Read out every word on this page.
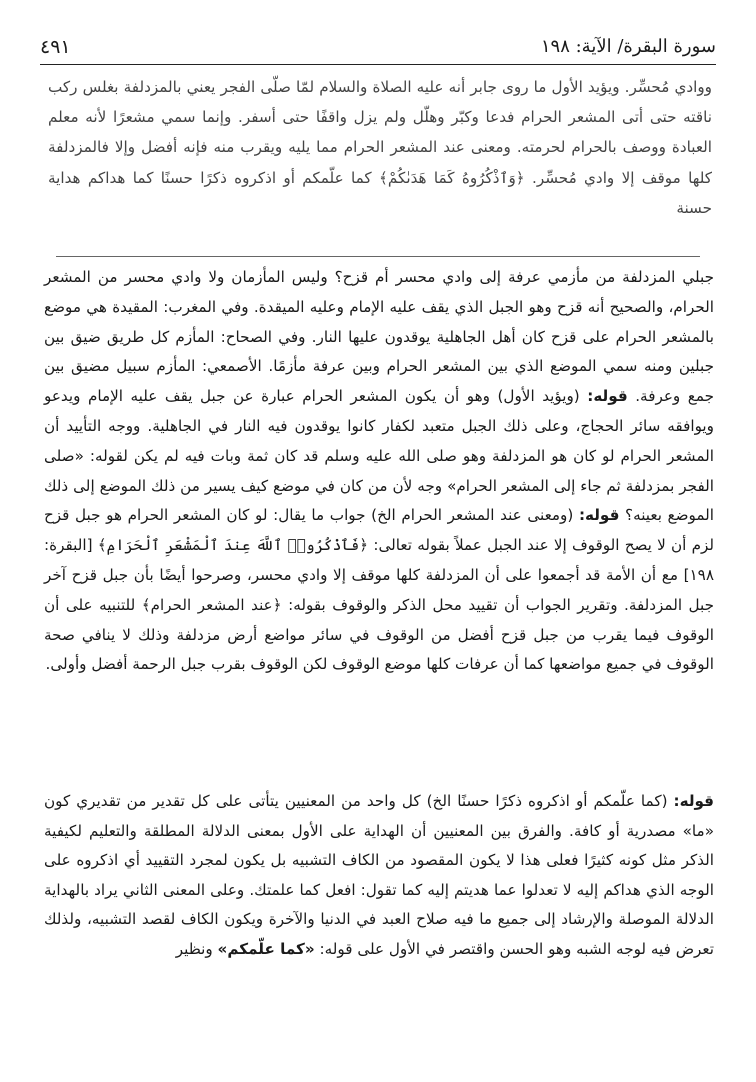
سورة البقرة/ الآية: ١٩٨
٤٩١

ووادي مُحسِّر. ويؤيد الأول ما روى جابر أنه عليه الصلاة والسلام لمّا صلّى الفجر يعني بالمزدلفة بغلس ركب ناقته حتى أتى المشعر الحرام فدعا وكبّر وهلّل ولم يزل واقفًا حتى أسفر. وإنما سمي مشعرًا لأنه معلم العبادة ووصف بالحرام لحرمته. ومعنى عند المشعر الحرام مما يليه ويقرب منه فإنه أفضل وإلا فالمزدلفة كلها موقف إلا وادي مُحسِّر. ﴿وَٱذْكُرُوهُ كَمَا هَدَىٰكُمْ﴾ كما علّمكم أو اذكروه ذكرًا حسنًا كما هداكم هداية حسنة

جبلي المزدلفة من مأزمي عرفة إلى وادي محسر أم قزح؟ وليس المأزمان ولا وادي محسر من المشعر الحرام، والصحيح أنه قزح وهو الجبل الذي يقف عليه الإمام وعليه الميقدة. وفي المغرب: المقيدة هي موضع بالمشعر الحرام على قزح كان أهل الجاهلية يوقدون عليها النار. وفي الصحاح: المأزم كل طريق ضيق بين جبلين ومنه سمي الموضع الذي بين المشعر الحرام وبين عرفة مأزمًا. الأصمعي: المأزم سبيل مضيق بين جمع وعرفة. قوله: (ويؤيد الأول) وهو أن يكون المشعر الحرام عبارة عن جبل يقف عليه الإمام ويدعو ويوافقه سائر الحجاج، وعلى ذلك الجبل متعبد لكفار كانوا يوقدون فيه النار في الجاهلية. ووجه التأييد أن المشعر الحرام لو كان هو المزدلفة وهو صلى الله عليه وسلم قد كان ثمة وبات فيه لم يكن لقوله: «صلى الفجر بمزدلفة ثم جاء إلى المشعر الحرام» وجه لأن من كان في موضع كيف يسير من ذلك الموضع إلى ذلك الموضع بعينه؟ قوله: (ومعنى عند المشعر الحرام الخ) جواب ما يقال: لو كان المشعر الحرام هو جبل قزح لزم أن لا يصح الوقوف إلا عند الجبل عملاً بقوله تعالى: ﴿فَٱذْكُرُوا۟ ٱللَّهَ عِندَ ٱلْمَشْعَرِ ٱلْحَرَامِ﴾ [البقرة: ١٩٨] مع أن الأمة قد أجمعوا على أن المزدلفة كلها موقف إلا وادي محسر، وصرحوا أيضًا بأن جبل قزح آخر جبل المزدلفة. وتقرير الجواب أن تقييد محل الذكر والوقوف بقوله: ﴿عند المشعر الحرام﴾ للتنبيه على أن الوقوف فيما يقرب من جبل قزح أفضل من الوقوف في سائر مواضع أرض مزدلفة وذلك لا ينافي صحة الوقوف في جميع مواضعها كما أن عرفات كلها موضع الوقوف لكن الوقوف بقرب جبل الرحمة أفضل وأولى.

قوله: (كما علّمكم أو اذكروه ذكرًا حسنًا الخ) كل واحد من المعنيين يتأتى على كل تقدير من تقديري كون «ما» مصدرية أو كافة. والفرق بين المعنيين أن الهداية على الأول بمعنى الدلالة المطلقة والتعليم لكيفية الذكر مثل كونه كثيرًا فعلى هذا لا يكون المقصود من الكاف التشبيه بل يكون لمجرد التقييد أي اذكروه على الوجه الذي هداكم إليه لا تعدلوا عما هديتم إليه كما تقول: افعل كما علمتك. وعلى المعنى الثاني يراد بالهداية الدلالة الموصلة والإرشاد إلى جميع ما فيه صلاح العبد في الدنيا والآخرة ويكون الكاف لقصد التشبيه، ولذلك تعرض فيه لوجه الشبه وهو الحسن واقتصر في الأول على قوله: «كما علّمكم» ونظير
